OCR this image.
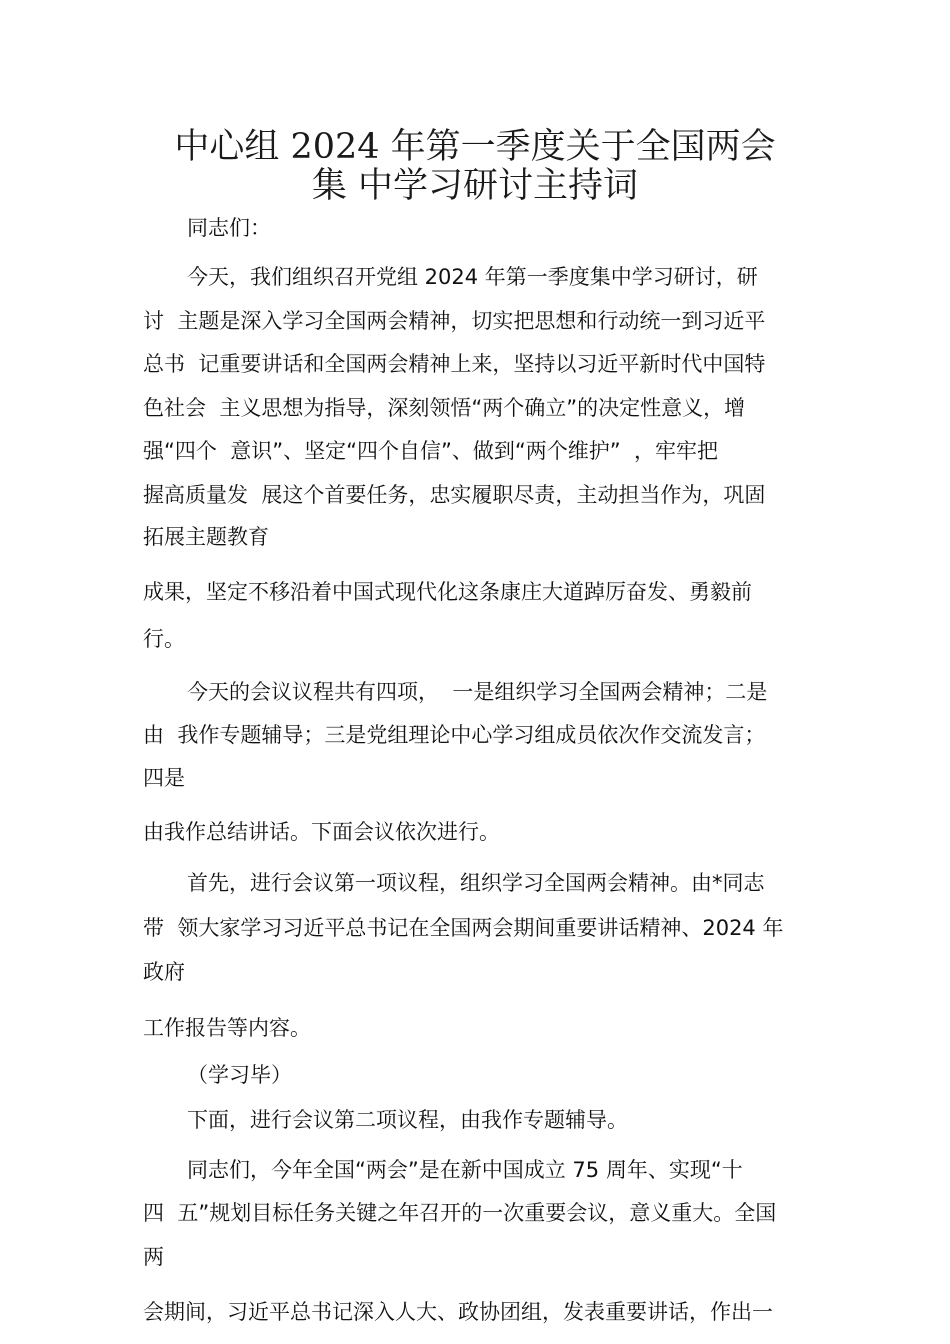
中心组 2024 年第一季度关于全国两会
集 中学习研讨主持词
同志们：
今天，我们组织召开党组 2024 年第一季度集中学习研讨，研
讨  主题是深入学习全国两会精神，切实把思想和行动统一到习近平
总书  记重要讲话和全国两会精神上来，坚持以习近平新时代中国特
色社会  主义思想为指导，深刻领悟“两个确立”的决定性意义，增
强“四个  意识”、坚定“四个自信”、做到“两个维护”  ，牢牢把
握高质量发  展这个首要任务，忠实履职尽责，主动担当作为，巩固
拓展主题教育
成果，坚定不移沿着中国式现代化这条康庄大道踔厉奋发、勇毅前
行。
今天的会议议程共有四项，  一是组织学习全国两会精神；二是
由  我作专题辅导；三是党组理论中心学习组成员依次作交流发言；
四是
由我作总结讲话。下面会议依次进行。
首先，进行会议第一项议程，组织学习全国两会精神。由*同志
带  领大家学习习近平总书记在全国两会期间重要讲话精神、2024 年
政府
工作报告等内容。
（学习毕）
下面，进行会议第二项议程，由我作专题辅导。
同志们，今年全国“两会”是在新中国成立 75 周年、实现“十
四  五”规划目标任务关键之年召开的一次重要会议，意义重大。全国
两
会期间，习近平总书记深入人大、政协团组，发表重要讲话，作出一
